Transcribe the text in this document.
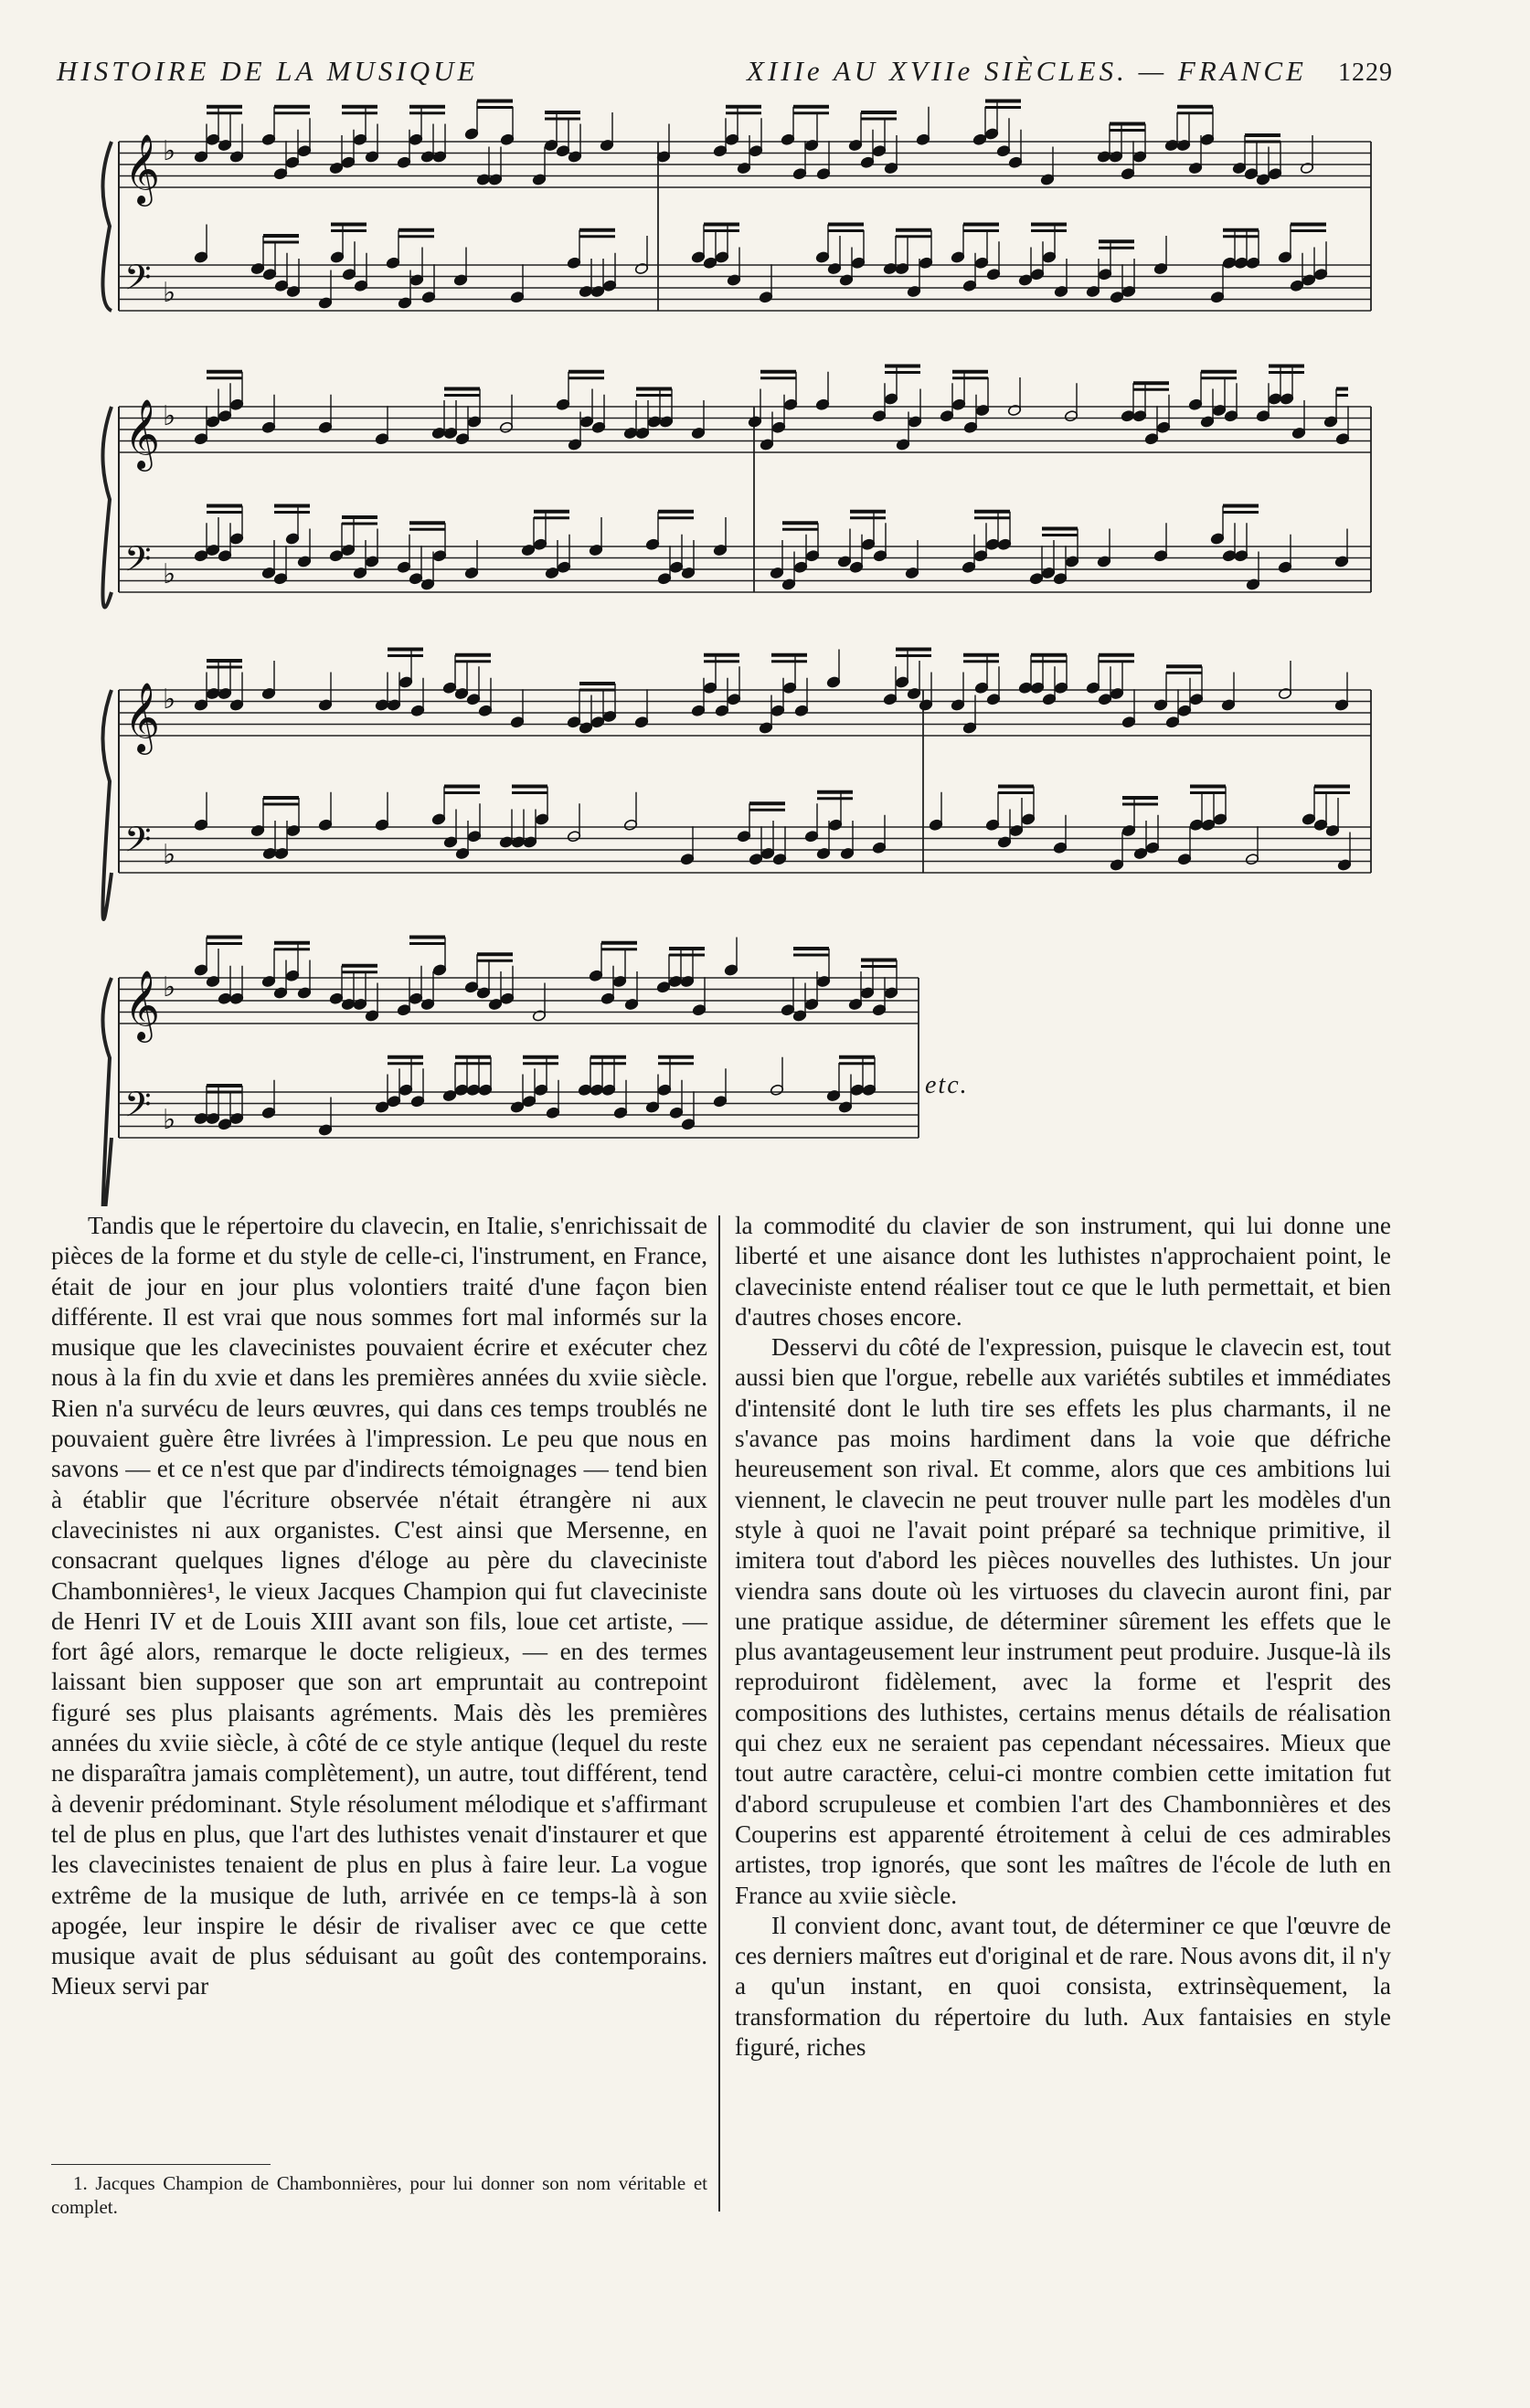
HISTOIRE DE LA MUSIQUE	XIIIe AU XVIIe SIÈCLES. — FRANCE 1229
𝄞 ♭
𝄢 ♭
𝄞 ♭
𝄢 ♭
𝄞 ♭
𝄢 ♭
𝄞 ♭
𝄢 ♭
etc.

Tandis que le répertoire du clavecin, en Italie, s'enrichissait de pièces de la forme et du style de celle-ci, l'instrument, en France, était de jour en jour plus volontiers traité d'une façon bien différente. Il est vrai que nous sommes fort mal informés sur la musique que les clavecinistes pouvaient écrire et exécuter chez nous à la fin du xvie et dans les premières années du xviie siècle. Rien n'a survécu de leurs œuvres, qui dans ces temps troublés ne pouvaient guère être livrées à l'impression. Le peu que nous en savons — et ce n'est que par d'indirects témoignages — tend bien à établir que l'écriture observée n'était étrangère ni aux clavecinistes ni aux organistes. C'est ainsi que Mersenne, en consacrant quelques lignes d'éloge au père du claveciniste Chambonnières¹, le vieux Jacques Champion qui fut claveciniste de Henri IV et de Louis XIII avant son fils, loue cet artiste, — fort âgé alors, remarque le docte religieux, — en des termes laissant bien supposer que son art empruntait au contrepoint figuré ses plus plaisants agréments. Mais dès les premières années du xviie siècle, à côté de ce style antique (lequel du reste ne disparaîtra jamais complètement), un autre, tout différent, tend à devenir prédominant. Style résolument mélodique et s'affirmant tel de plus en plus, que l'art des luthistes venait d'instaurer et que les clavecinistes tenaient de plus en plus à faire leur. La vogue extrême de la musique de luth, arrivée en ce temps-là à son apogée, leur inspire le désir de rivaliser avec ce que cette musique avait de plus séduisant au goût des contemporains. Mieux servi par

la commodité du clavier de son instrument, qui lui donne une liberté et une aisance dont les luthistes n'approchaient point, le claveciniste entend réaliser tout ce que le luth permettait, et bien d'autres choses encore.

Desservi du côté de l'expression, puisque le clavecin est, tout aussi bien que l'orgue, rebelle aux variétés subtiles et immédiates d'intensité dont le luth tire ses effets les plus charmants, il ne s'avance pas moins hardiment dans la voie que défriche heureusement son rival. Et comme, alors que ces ambitions lui viennent, le clavecin ne peut trouver nulle part les modèles d'un style à quoi ne l'avait point préparé sa technique primitive, il imitera tout d'abord les pièces nouvelles des luthistes. Un jour viendra sans doute où les virtuoses du clavecin auront fini, par une pratique assidue, de déterminer sûrement les effets que le plus avantageusement leur instrument peut produire. Jusque-là ils reproduiront fidèlement, avec la forme et l'esprit des compositions des luthistes, certains menus détails de réalisation qui chez eux ne seraient pas cependant nécessaires. Mieux que tout autre caractère, celui-ci montre combien cette imitation fut d'abord scrupuleuse et combien l'art des Chambonnières et des Couperins est apparenté étroitement à celui de ces admirables artistes, trop ignorés, que sont les maîtres de l'école de luth en France au xviie siècle.

Il convient donc, avant tout, de déterminer ce que l'œuvre de ces derniers maîtres eut d'original et de rare. Nous avons dit, il n'y a qu'un instant, en quoi consista, extrinsèquement, la transformation du répertoire du luth. Aux fantaisies en style figuré, riches

1. Jacques Champion de Chambonnières, pour lui donner son nom véritable et complet.
